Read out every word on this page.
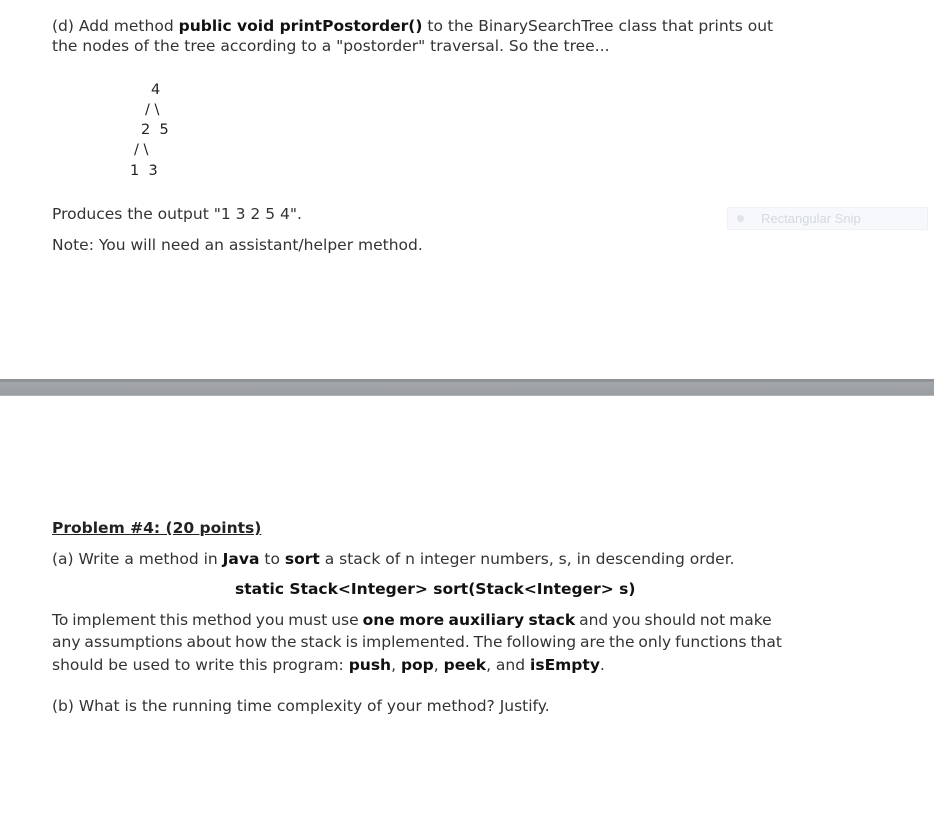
(d) Add method public void printPostorder() to the BinarySearchTree class that prints out
the nodes of the tree according to a "postorder" traversal. So the tree...
4
/ \
2  5
/ \
1  3
Produces the output "1 3 2 5 4".
Note: You will need an assistant/helper method.
Rectangular Snip
Problem #4: (20 points)
(a) Write a method in Java to sort a stack of n integer numbers, s, in descending order.
static Stack<Integer> sort(Stack<Integer> s)
To implement this method you must use one more auxiliary stack and you should not make
any assumptions about how the stack is implemented. The following are the only functions that
should be used to write this program: push, pop, peek, and isEmpty.
(b) What is the running time complexity of your method? Justify.
